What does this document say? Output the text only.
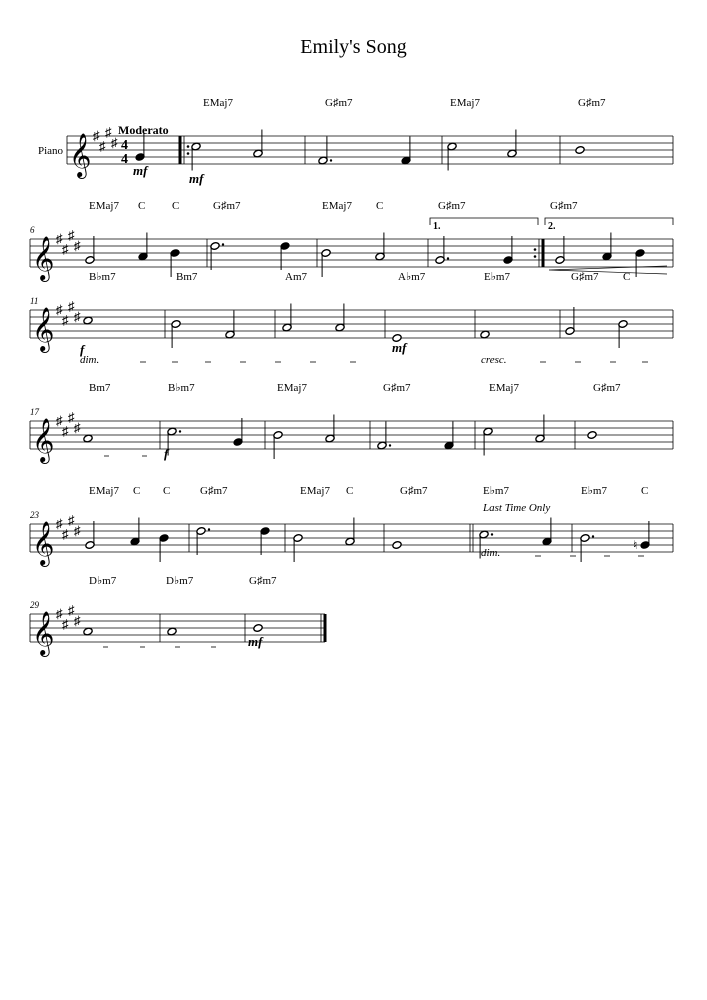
Emily's Song
𝄞 ♯
♯
♯
♯ 4
4
EMaj7	G♯m7	EMaj7	G♯m7
𝄞 ♯
♯
♯
♯
EMaj7 C C	G♯m7	EMaj7 C	G♯m7	G♯m7
6
𝄞 ♯
♯
♯
♯
B♭m7	Bm7	Am7	A♭m7	E♭m7	G♯m7 C
11
𝄞 ♯
♯
♯
♯
Bm7	B♭m7	EMaj7	G♯m7	EMaj7	G♯m7
17
𝄞 ♯
♯
♯
♯
♮
EMaj7 C C	G♯m7	EMaj7 C	G♯m7	E♭m7	E♭m7	C
23
𝄞 ♯
♯
♯
♯
D♭m7	D♭m7	G♯m7
29
Piano
Moderato
mf
mf
1.	2.
f
dim.
mf
cresc.
f
Last Time Only
dim.
mf
